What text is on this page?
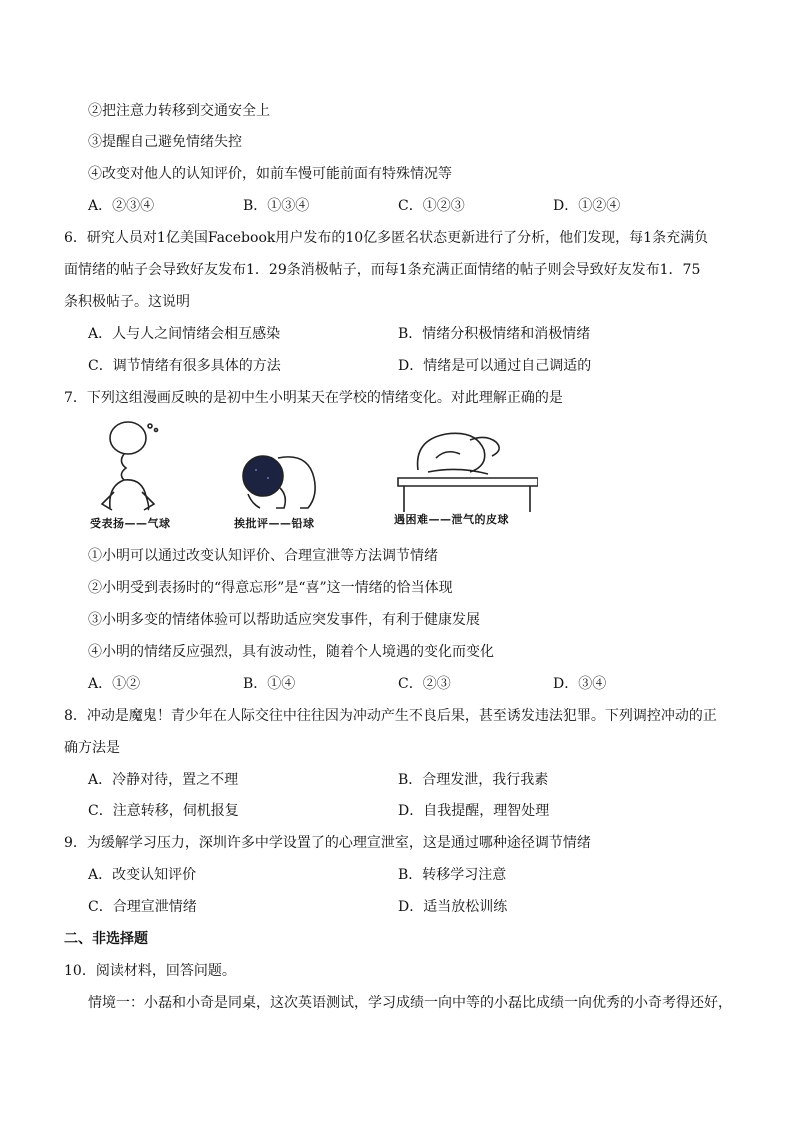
②把注意力转移到交通安全上
③提醒自己避免情绪失控
④改变对他人的认知评价，如前车慢可能前面有特殊情况等
A．②③④	B．①③④	C．①②③	D．①②④
6．研究人员对1亿美国Facebook用户发布的10亿多匿名状态更新进行了分析，他们发现，每1条充满负
面情绪的帖子会导致好友发布1．29条消极帖子，而每1条充满正面情绪的帖子则会导致好友发布1．75
条积极帖子。这说明
A．人与人之间情绪会相互感染	B．情绪分积极情绪和消极情绪
C．调节情绪有很多具体的方法	D．情绪是可以通过自己调适的
7．下列这组漫画反映的是初中生小明某天在学校的情绪变化。对此理解正确的是
受表扬——气球	挨批评——铅球	遇困难——泄气的皮球
①小明可以通过改变认知评价、合理宣泄等方法调节情绪
②小明受到表扬时的“得意忘形”是“喜”这一情绪的恰当体现
③小明多变的情绪体验可以帮助适应突发事件，有利于健康发展
④小明的情绪反应强烈，具有波动性，随着个人境遇的变化而变化
A．①②	B．①④	C．②③	D．③④
8．冲动是魔鬼！青少年在人际交往中往往因为冲动产生不良后果，甚至诱发违法犯罪。下列调控冲动的正
确方法是
A．冷静对待，置之不理	B．合理发泄，我行我素
C．注意转移，伺机报复	D．自我提醒，理智处理
9．为缓解学习压力，深圳许多中学设置了的心理宣泄室，这是通过哪种途径调节情绪
A．改变认知评价	B．转移学习注意
C．合理宣泄情绪	D．适当放松训练
二、非选择题
10．阅读材料，回答问题。
情境一：小磊和小奇是同桌，这次英语测试，学习成绩一向中等的小磊比成绩一向优秀的小奇考得还好，
